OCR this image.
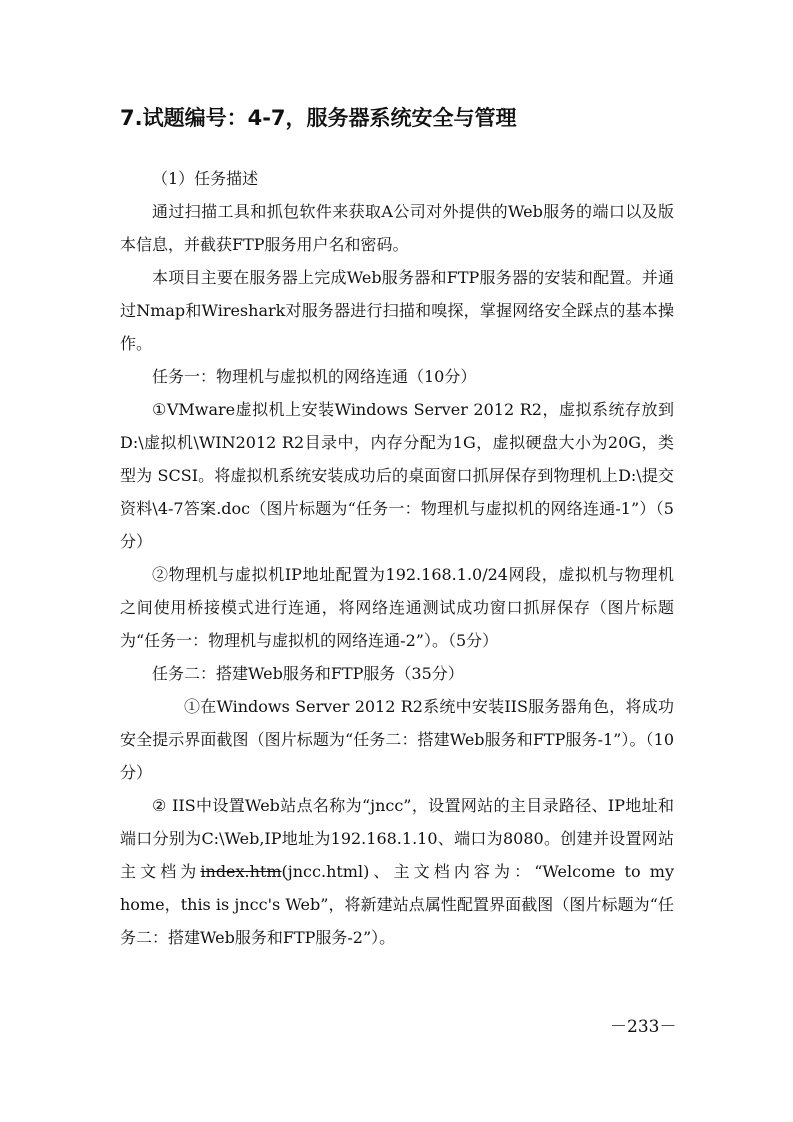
7.试题编号：4-7，服务器系统安全与管理

（1）任务描述

通过扫描工具和抓包软件来获取A公司对外提供的Web服务的端口以及版本信息，并截获FTP服务用户名和密码。

本项目主要在服务器上完成Web服务器和FTP服务器的安装和配置。并通过Nmap和Wireshark对服务器进行扫描和嗅探，掌握网络安全踩点的基本操作。

任务一：物理机与虚拟机的网络连通（10分）

①VMware虚拟机上安装Windows Server 2012 R2，虚拟系统存放到D:\虚拟机\WIN2012 R2目录中，内存分配为1G，虚拟硬盘大小为20G，类型为 SCSI。将虚拟机系统安装成功后的桌面窗口抓屏保存到物理机上D:\提交资料\4-7答案.doc（图片标题为“任务一：物理机与虚拟机的网络连通-1”）（5分）

②物理机与虚拟机IP地址配置为192.168.1.0/24网段，虚拟机与物理机之间使用桥接模式进行连通，将网络连通测试成功窗口抓屏保存（图片标题为“任务一：物理机与虚拟机的网络连通-2”）。（5分）

任务二：搭建Web服务和FTP服务（35分）

①在Windows Server 2012 R2系统中安装IIS服务器角色，将成功安全提示界面截图（图片标题为“任务二：搭建Web服务和FTP服务-1”）。（10分）

② IIS中设置Web站点名称为“jncc”，设置网站的主目录路径、IP地址和端口分别为C:\Web,IP地址为192.168.1.10、端口为8080。创建并设置网站主文档为index.htm(jncc.html)、主文档内容为：“Welcome to my home，this is jncc's Web”，将新建站点属性配置界面截图（图片标题为“任务二：搭建Web服务和FTP服务-2”）。

－233－
